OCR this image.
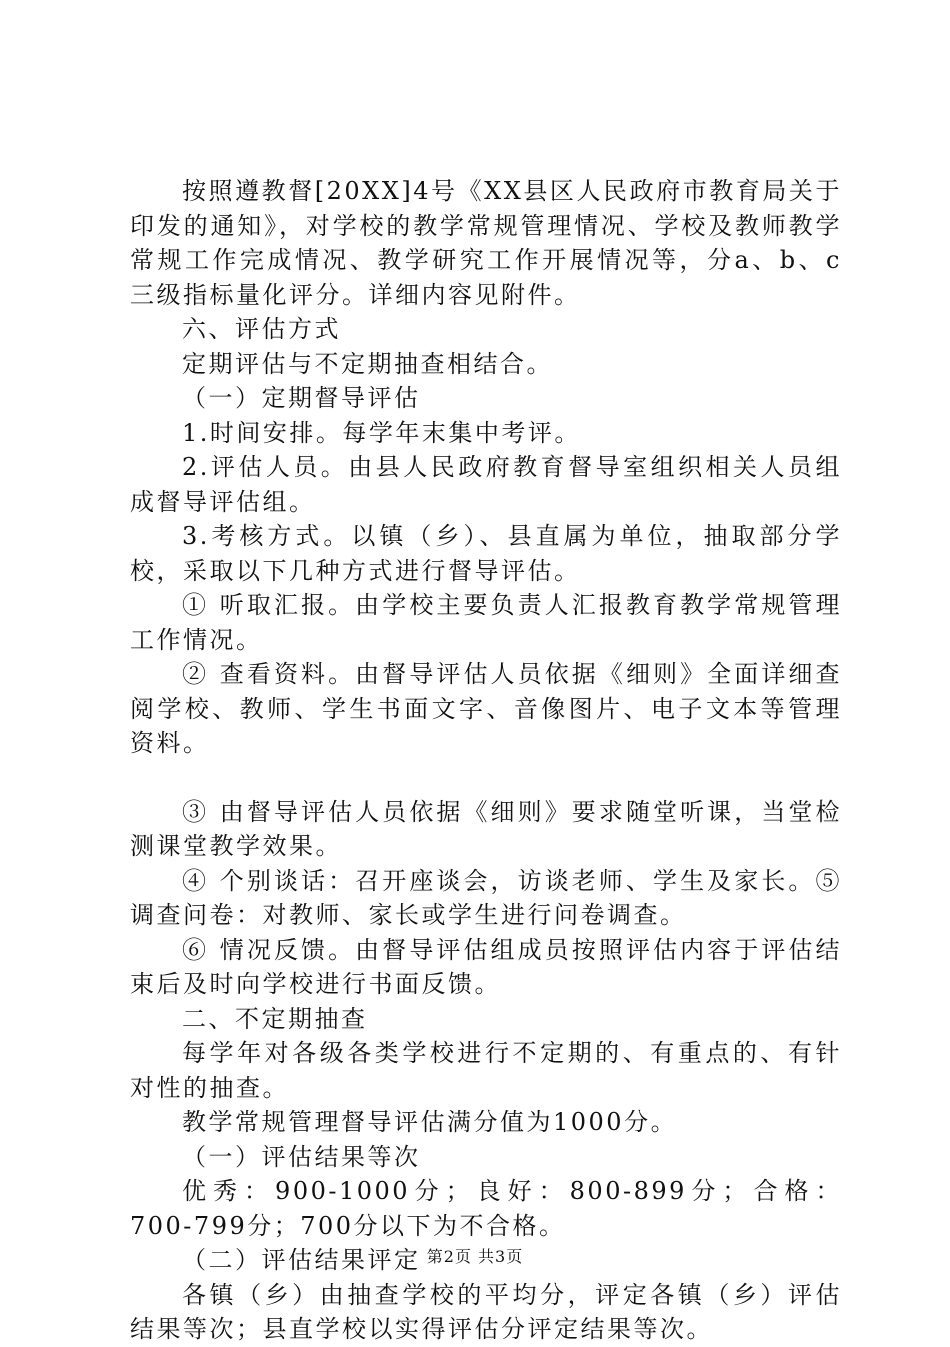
按照遵教督[20XX]4号《XX县区人民政府市教育局关于印发的通知》，对学校的教学常规管理情况、学校及教师教学常规工作完成情况、教学研究工作开展情况等，分a、b、c三级指标量化评分。详细内容见附件。

六、评估方式

定期评估与不定期抽查相结合。

（一）定期督导评估

1.时间安排。每学年末集中考评。

2.评估人员。由县人民政府教育督导室组织相关人员组成督导评估组。

3.考核方式。以镇（乡）、县直属为单位，抽取部分学校，采取以下几种方式进行督导评估。

① 听取汇报。由学校主要负责人汇报教育教学常规管理工作情况。

② 查看资料。由督导评估人员依据《细则》全面详细查阅学校、教师、学生书面文字、音像图片、电子文本等管理资料。

③ 由督导评估人员依据《细则》要求随堂听课，当堂检测课堂教学效果。

④ 个别谈话：召开座谈会，访谈老师、学生及家长。⑤调查问卷：对教师、家长或学生进行问卷调查。

⑥ 情况反馈。由督导评估组成员按照评估内容于评估结束后及时向学校进行书面反馈。

二、不定期抽查

每学年对各级各类学校进行不定期的、有重点的、有针对性的抽查。

教学常规管理督导评估满分值为1000分。

（一）评估结果等次

优秀：900-1000分；良好：800-899分；合格：700-799分；700分以下为不合格。

（二）评估结果评定

各镇（乡）由抽查学校的平均分，评定各镇（乡）评估结果等次；县直学校以实得评估分评定结果等次。

第2页 共3页
